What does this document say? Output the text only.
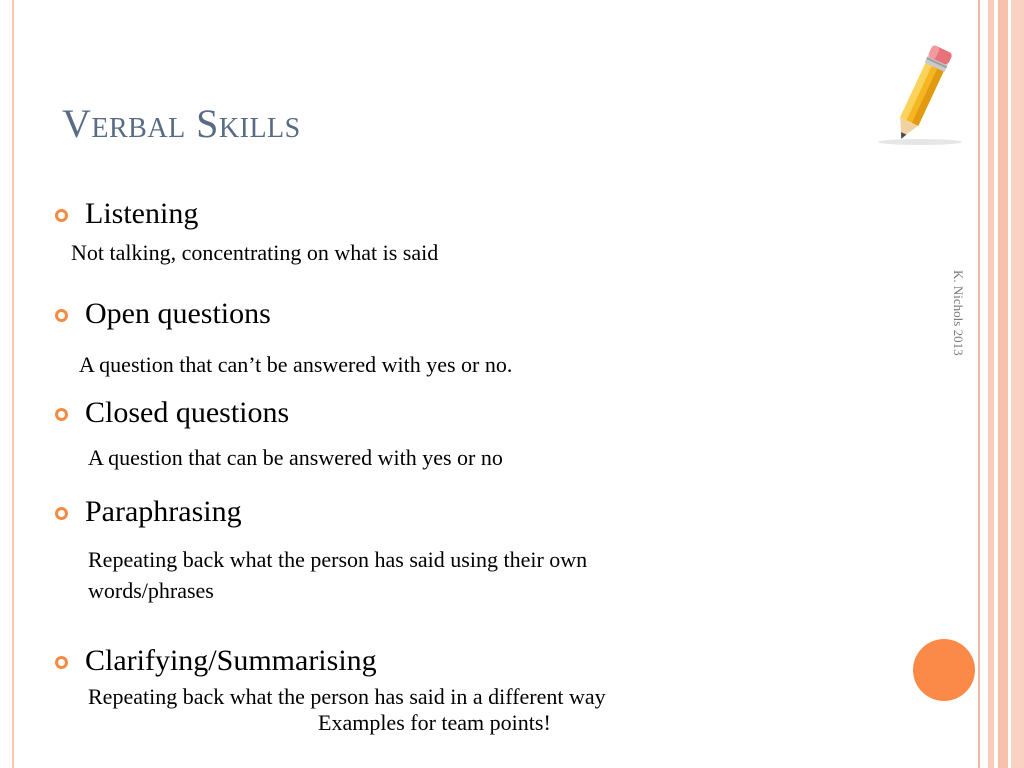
Verbal Skills
Listening
Not talking, concentrating on what is said
Open questions
A question that can’t be answered with yes or no.
Closed questions
A question that can be answered with yes or no
Paraphrasing
Repeating back what the person has said using their own
words/phrases
Clarifying/Summarising
Repeating back what the person has said in a different way
Examples for team points!
K. Nichols 2013
